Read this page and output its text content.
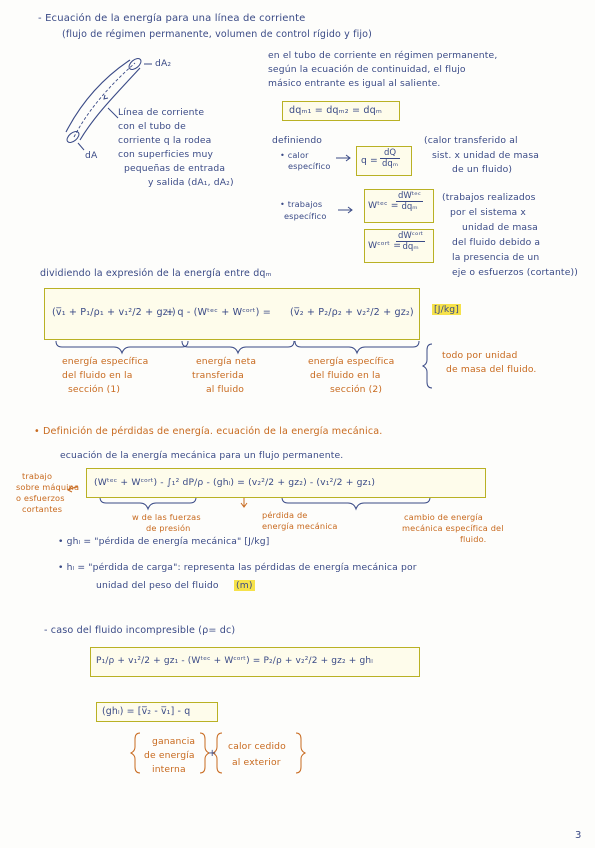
- Ecuación de la energía para una línea de corriente
(flujo de régimen permanente, volumen de control rígido y fijo)
dA₂
dA
Línea de corriente
con el tubo de
corriente q la rodea
con superficies muy
pequeñas de entrada
y salida (dA₁, dA₂)
en el tubo de corriente en régimen permanente,
según la ecuación de continuidad, el flujo
másico entrante es igual al saliente.
dqₘ₁ = dqₘ₂ = dqₘ
definiendo
• calor
específico	q =
dQ
dqₘ
(calor transferido al
sist. x unidad de masa
de un fluido)
• trabajos
específico
Wᵗᵉᶜ =
dWᵗᵉᶜ
dqₘ
Wᶜᵒʳᵗ =
dWᶜᵒʳᵗ
dqₘ
(trabajos realizados
por el sistema x
unidad de masa
del fluido debido a
la presencia de un
eje o esfuerzos (cortante))
dividiendo la expresión de la energía entre dqₘ
(v̅₁ + P₁/ρ₁ + v₁²/2 + gz₁)
+ q - (Wᵗᵉᶜ + Wᶜᵒʳᵗ) = (v̅₂ + P₂/ρ₂ + v₂²/2 + gz₂) [J/kg]
energía específica
del fluido en la
sección (1)
energía neta
transferida
al fluido
energía específica
del fluido en la
sección (2)
todo por unidad
de masa del fluido.
• Definición de pérdidas de energía. ecuación de la energía mecánica.
ecuación de la energía mecánica para un flujo permanente.
trabajo
sobre máquina
o esfuerzos
cortantes
(Wᵗᵉᶜ + Wᶜᵒʳᵗ) - ∫₁² dP/ρ - (ghₗ) = (v₂²/2 + gz₂) - (v₁²/2 + gz₁)
w de las fuerzas
de presión
pérdida de
energía mecánica
cambio de energía
mecánica específica del
fluido.
• ghₗ = "pérdida de energía mecánica" [J/kg]
• hₗ = "pérdida de carga": representa las pérdidas de energía mecánica por
unidad del peso del fluido (m)
- caso del fluido incompresible (ρ= dc)
P₁/ρ + v₁²/2 + gz₁ - (Wᵗᵉᶜ + Wᶜᵒʳᵗ) = P₂/ρ + v₂²/2 + gz₂ + ghₗ
(ghₗ) = [v̅₂ - v̅₁] - q
ganancia
de energía
interna
+
calor cedido
al exterior
3
